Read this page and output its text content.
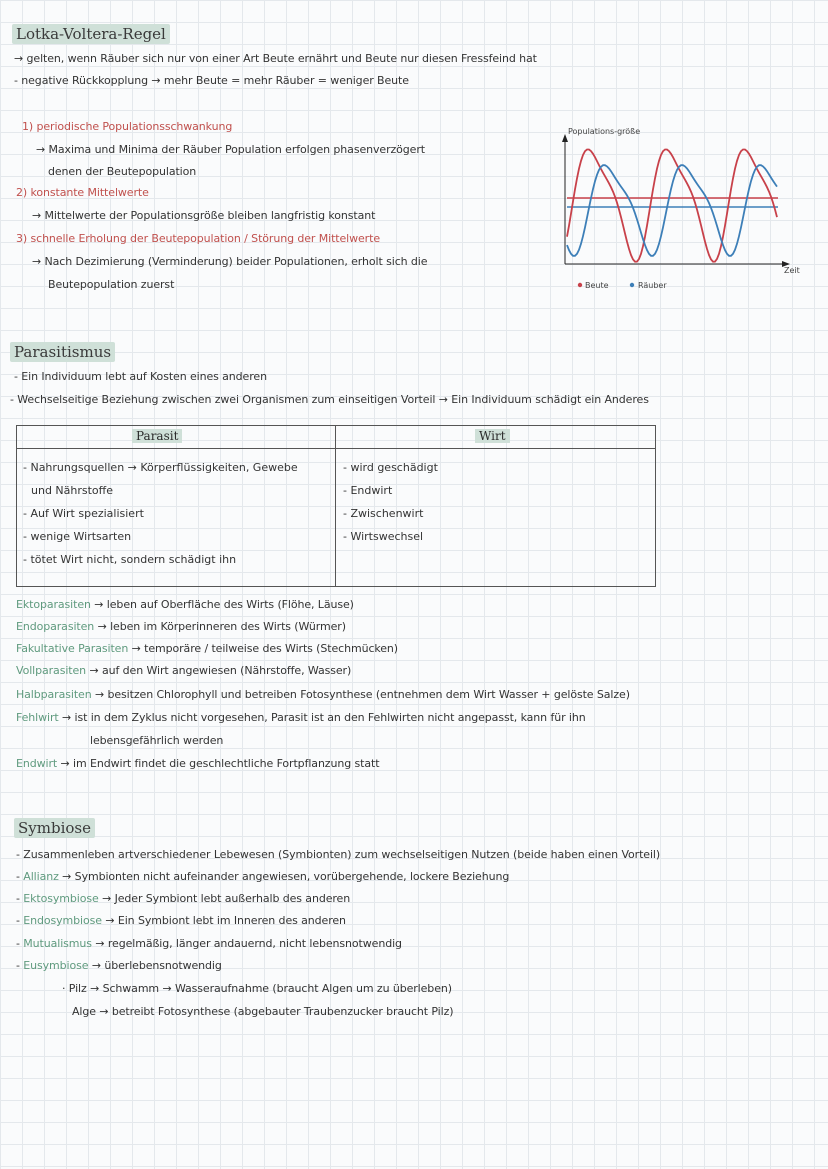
Lotka-Voltera-Regel
→ gelten, wenn Räuber sich nur von einer Art Beute ernährt und Beute nur diesen Fressfeind hat
- negative Rückkopplung → mehr Beute = mehr Räuber = weniger Beute
1) periodische Populationsschwankung
→ Maxima und Minima der Räuber Population erfolgen phasenverzögert
denen der Beutepopulation
2) konstante Mittelwerte
→ Mittelwerte der Populationsgröße bleiben langfristig konstant
3) schnelle Erholung der Beutepopulation / Störung der Mittelwerte
→ Nach Dezimierung (Verminderung) beider Populationen, erholt sich die
Beutepopulation zuerst
Populations-größe
Zeit
Beute	Räuber
Parasitismus
- Ein Individuum lebt auf Kosten eines anderen
- Wechselseitige Beziehung zwischen zwei Organismen zum einseitigen Vorteil → Ein Individuum schädigt ein Anderes
Parasit	Wirt
- Nahrungsquellen → Körperflüssigkeiten, Gewebe
und Nährstoffe
- Auf Wirt spezialisiert
- wenige Wirtsarten
- tötet Wirt nicht, sondern schädigt ihn
- wird geschädigt
- Endwirt
- Zwischenwirt
- Wirtswechsel
Ektoparasiten → leben auf Oberfläche des Wirts (Flöhe, Läuse)
Endoparasiten → leben im Körperinneren des Wirts (Würmer)
Fakultative Parasiten → temporäre / teilweise des Wirts (Stechmücken)
Vollparasiten → auf den Wirt angewiesen (Nährstoffe, Wasser)
Halbparasiten → besitzen Chlorophyll und betreiben Fotosynthese (entnehmen dem Wirt Wasser + gelöste Salze)
Fehlwirt → ist in dem Zyklus nicht vorgesehen, Parasit ist an den Fehlwirten nicht angepasst, kann für ihn
lebensgefährlich werden
Endwirt → im Endwirt findet die geschlechtliche Fortpflanzung statt
Symbiose
- Zusammenleben artverschiedener Lebewesen (Symbionten) zum wechselseitigen Nutzen (beide haben einen Vorteil)
- Allianz → Symbionten nicht aufeinander angewiesen, vorübergehende, lockere Beziehung
- Ektosymbiose → Jeder Symbiont lebt außerhalb des anderen
- Endosymbiose → Ein Symbiont lebt im Inneren des anderen
- Mutualismus → regelmäßig, länger andauernd, nicht lebensnotwendig
- Eusymbiose → überlebensnotwendig
· Pilz → Schwamm → Wasseraufnahme (braucht Algen um zu überleben)
Alge → betreibt Fotosynthese (abgebauter Traubenzucker braucht Pilz)
